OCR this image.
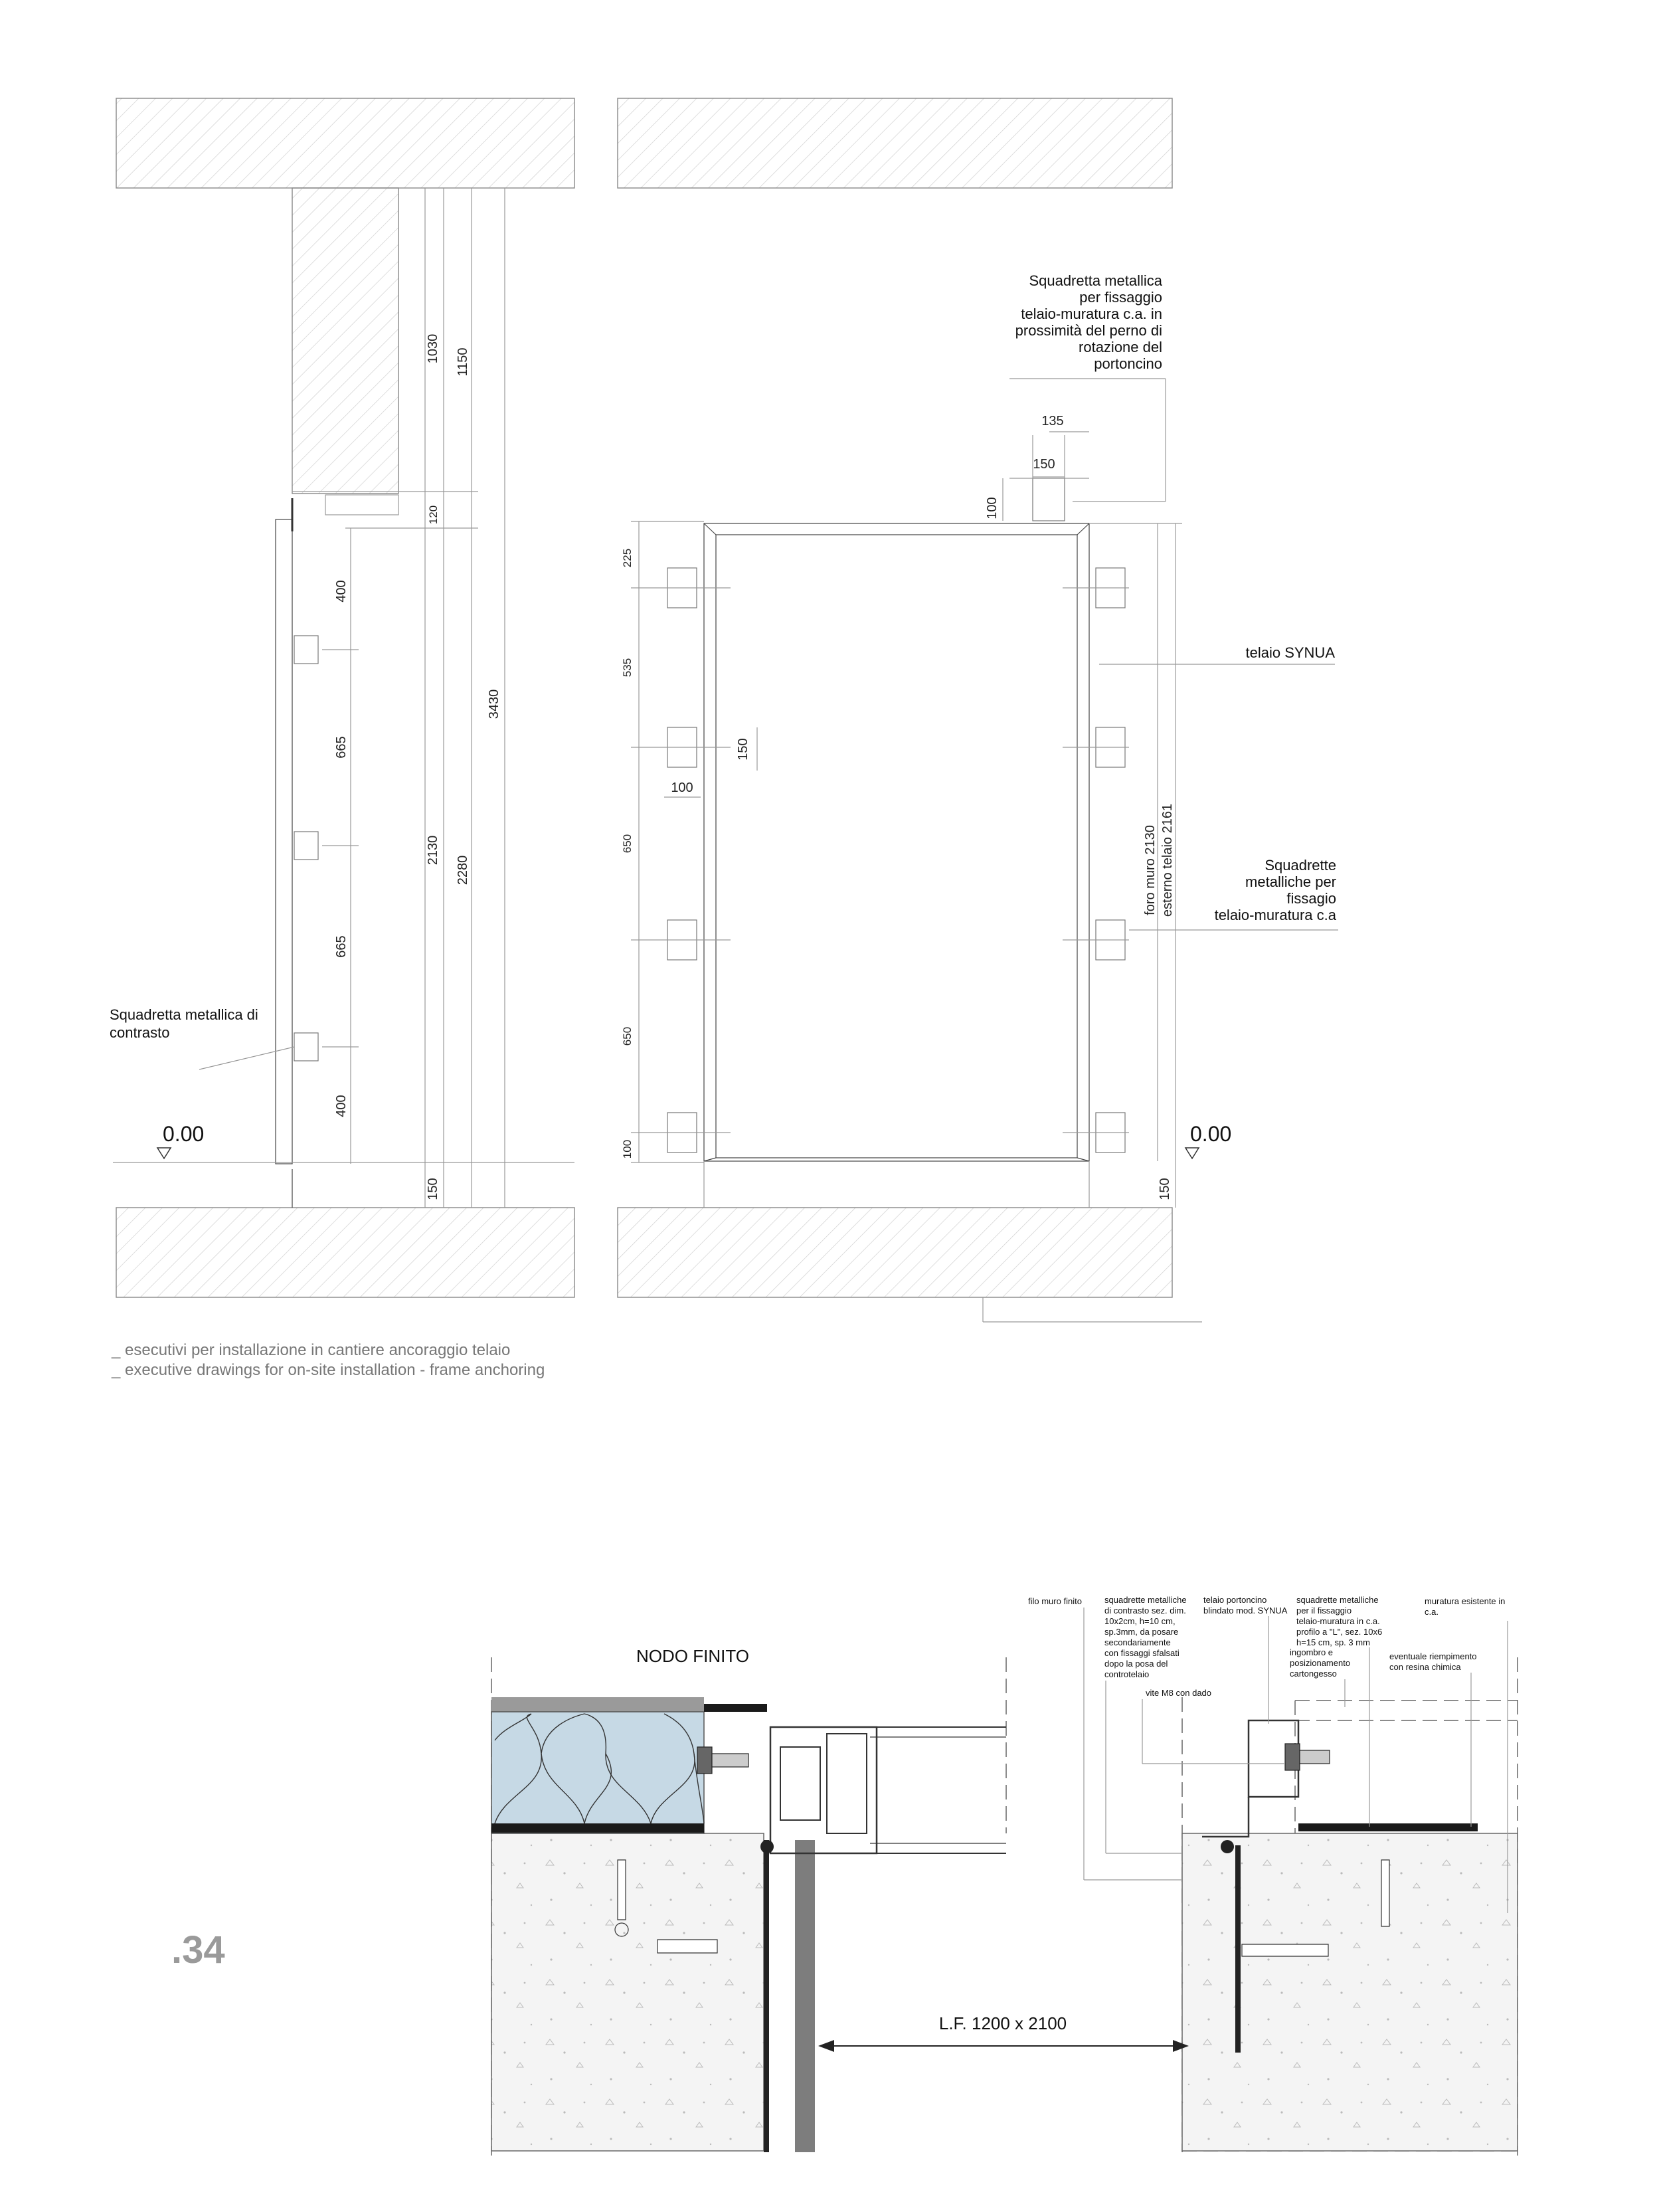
1030 1150
120
3430
2130
2280
150
400
665
665
400
Squadretta metallica di
contrasto
0.00
135
150
100
Squadretta metallica
per fissaggio
telaio-muratura c.a. in
prossimità del perno di
rotazione del
portoncino
225
535
650
650
100
150
100
telaio SYNUA
foro muro 2130 esterno telaio 2161	Squadrette
metalliche per
fissagio
telaio-muratura c.a
150
0.00
_ esecutivi per installazione in cantiere ancoraggio telaio
_ executive drawings for on-site installation - frame anchoring
NODO FINITO
L.F. 1200 x 2100
filo muro finito	squadrette metalliche
di contrasto sez. dim.
10x2cm, h=10 cm,
sp.3mm, da posare
secondariamente
con fissaggi sfalsati
dopo la posa del
controtelaio
telaio portoncino
blindato mod. SYNUA
squadrette metalliche
per il fissaggio
telaio-muratura in c.a.
profilo a "L", sez. 10x6
h=15 cm, sp. 3 mm
muratura esistente in
c.a.
eventuale riempimento
con resina chimica
ingombro e
posizionamento
cartongesso
vite M8 con dado
.34
